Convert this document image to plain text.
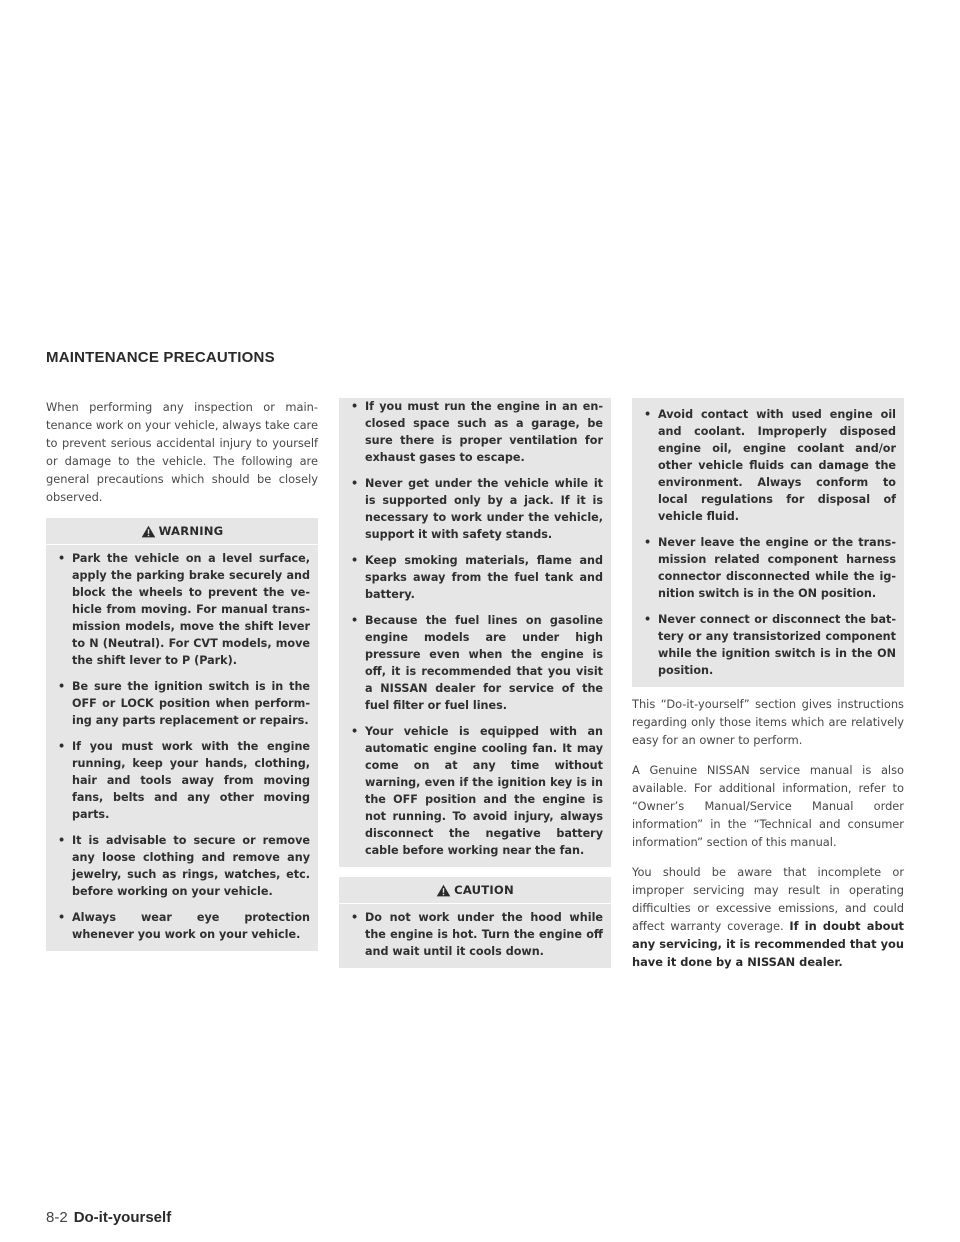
MAINTENANCE PRECAUTIONS

When performing any inspection or maintenance work on your vehicle, always take care to prevent serious accidental injury to yourself or damage to the vehicle. The following are general precautions which should be closely observed.

WARNING
• Park the vehicle on a level surface, apply the parking brake securely and block the wheels to prevent the vehicle from moving. For manual transmission models, move the shift lever to N (Neutral). For CVT models, move the shift lever to P (Park).
• Be sure the ignition switch is in the OFF or LOCK position when performing any parts replacement or repairs.
• If you must work with the engine running, keep your hands, clothing, hair and tools away from moving fans, belts and any other moving parts.
• It is advisable to secure or remove any loose clothing and remove any jewelry, such as rings, watches, etc. before working on your vehicle.
• Always wear eye protection whenever you work on your vehicle.
• If you must run the engine in an enclosed space such as a garage, be sure there is proper ventilation for exhaust gases to escape.
• Never get under the vehicle while it is supported only by a jack. If it is necessary to work under the vehicle, support it with safety stands.
• Keep smoking materials, flame and sparks away from the fuel tank and battery.
• Because the fuel lines on gasoline engine models are under high pressure even when the engine is off, it is recommended that you visit a NISSAN dealer for service of the fuel filter or fuel lines.
• Your vehicle is equipped with an automatic engine cooling fan. It may come on at any time without warning, even if the ignition key is in the OFF position and the engine is not running. To avoid injury, always disconnect the negative battery cable before working near the fan.
CAUTION
• Do not work under the hood while the engine is hot. Turn the engine off and wait until it cools down.
• Avoid contact with used engine oil and coolant. Improperly disposed engine oil, engine coolant and/or other vehicle fluids can damage the environment. Always conform to local regulations for disposal of vehicle fluid.
• Never leave the engine or the transmission related component harness connector disconnected while the ignition switch is in the ON position.
• Never connect or disconnect the battery or any transistorized component while the ignition switch is in the ON position.

This “Do-it-yourself” section gives instructions regarding only those items which are relatively easy for an owner to perform.

A Genuine NISSAN service manual is also available. For additional information, refer to “Owner’s Manual/Service Manual order information” in the “Technical and consumer information” section of this manual.

You should be aware that incomplete or improper servicing may result in operating difficulties or excessive emissions, and could affect warranty coverage. If in doubt about any servicing, it is recommended that you have it done by a NISSAN dealer.

8-2 Do-it-yourself
